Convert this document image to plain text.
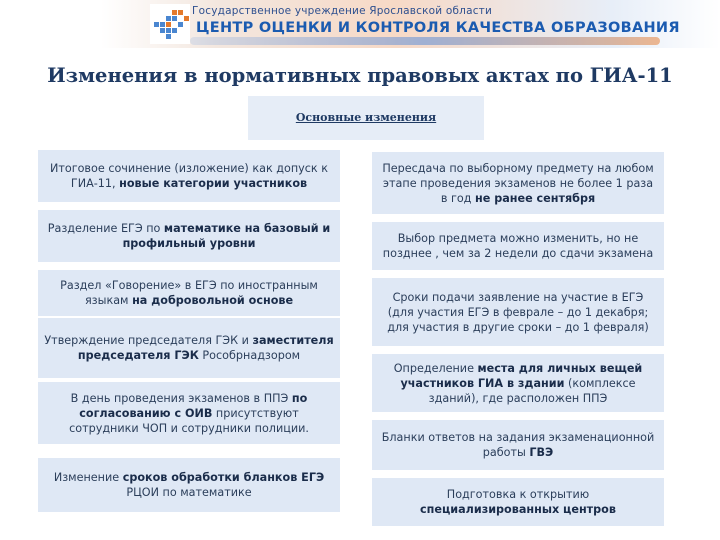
Государственное учреждение Ярославской области
ЦЕНТР ОЦЕНКИ И КОНТРОЛЯ КАЧЕСТВА ОБРАЗОВАНИЯ
Изменения в нормативных правовых актах по ГИА-11
Основные изменения
Итоговое сочинение (изложение) как допуск к ГИА-11, новые категории участников
Разделение ЕГЭ по математике на базовый и профильный уровни
Раздел «Говорение» в ЕГЭ по иностранным языкам на добровольной основе
Утверждение председателя ГЭК и заместителя председателя ГЭК Рособрнадзором
В день проведения экзаменов в ППЭ по согласованию с ОИВ присутствуют сотрудники ЧОП и сотрудники полиции.
Изменение сроков обработки бланков ЕГЭ РЦОИ по математике
Пересдача по выборному предмету на любом этапе проведения экзаменов не более 1 раза в год не ранее сентября
Выбор предмета можно изменить, но не позднее , чем за 2 недели до сдачи экзамена
Сроки подачи заявление на участие в ЕГЭ (для участия ЕГЭ в феврале – до 1 декабря; для участия в другие сроки – до 1 февраля)
Определение места для личных вещей участников ГИА в здании (комплексе зданий), где расположен ППЭ
Бланки ответов на задания экзаменационной работы ГВЭ
Подготовка к открытию специализированных центров
